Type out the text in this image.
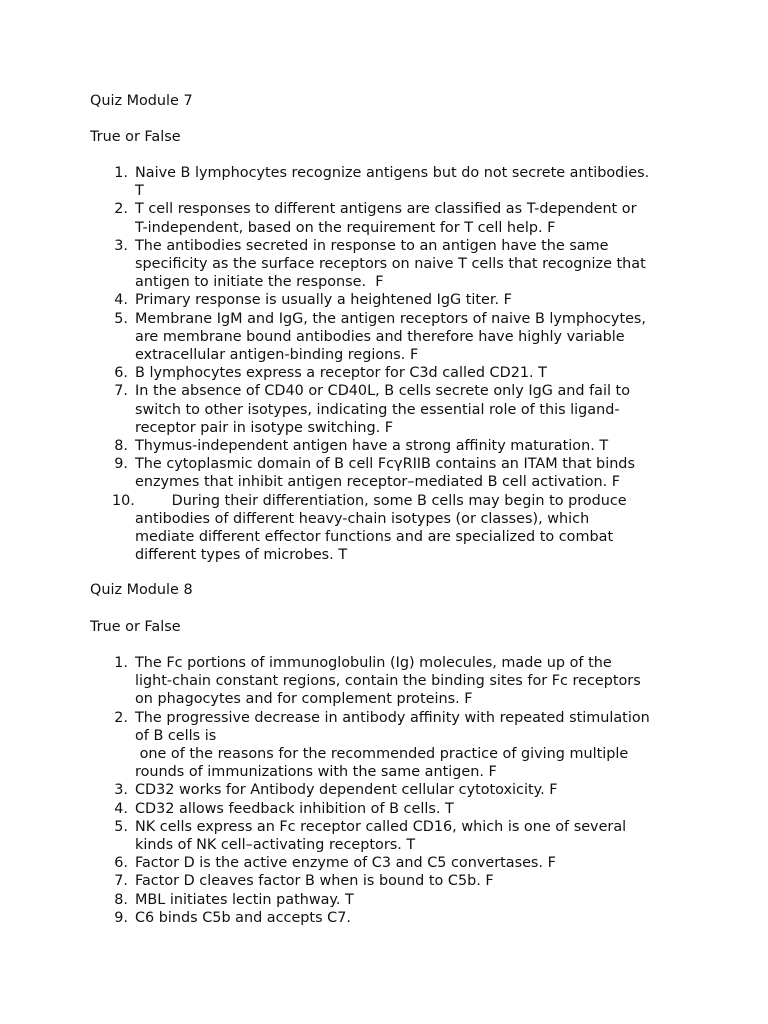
Quiz Module 7
True or False
1. Naive B lymphocytes recognize antigens but do not secrete antibodies.
T
2. T cell responses to different antigens are classified as T-dependent or
T-independent, based on the requirement for T cell help. F
3. The antibodies secreted in response to an antigen have the same
specificity as the surface receptors on naive T cells that recognize that
antigen to initiate the response.  F
4. Primary response is usually a heightened IgG titer. F
5. Membrane IgM and IgG, the antigen receptors of naive B lymphocytes,
are membrane bound antibodies and therefore have highly variable
extracellular antigen-binding regions. F
6. B lymphocytes express a receptor for C3d called CD21. T
7. In the absence of CD40 or CD40L, B cells secrete only IgG and fail to
switch to other isotypes, indicating the essential role of this ligand-
receptor pair in isotype switching. F
8. Thymus-independent antigen have a strong affinity maturation. T
9. The cytoplasmic domain of B cell FcγRIIB contains an ITAM that binds
enzymes that inhibit antigen receptor–mediated B cell activation. F
10.	During their differentiation, some B cells may begin to produce
antibodies of different heavy-chain isotypes (or classes), which
mediate different effector functions and are specialized to combat
different types of microbes. T
Quiz Module 8
True or False
1. The Fc portions of immunoglobulin (Ig) molecules, made up of the
light-chain constant regions, contain the binding sites for Fc receptors
on phagocytes and for complement proteins. F
2. The progressive decrease in antibody affinity with repeated stimulation
of B cells is
one of the reasons for the recommended practice of giving multiple
rounds of immunizations with the same antigen. F
3. CD32 works for Antibody dependent cellular cytotoxicity. F
4. CD32 allows feedback inhibition of B cells. T
5. NK cells express an Fc receptor called CD16, which is one of several
kinds of NK cell–activating receptors. T
6. Factor D is the active enzyme of C3 and C5 convertases. F
7. Factor D cleaves factor B when is bound to C5b. F
8. MBL initiates lectin pathway. T
9. C6 binds C5b and accepts C7.
